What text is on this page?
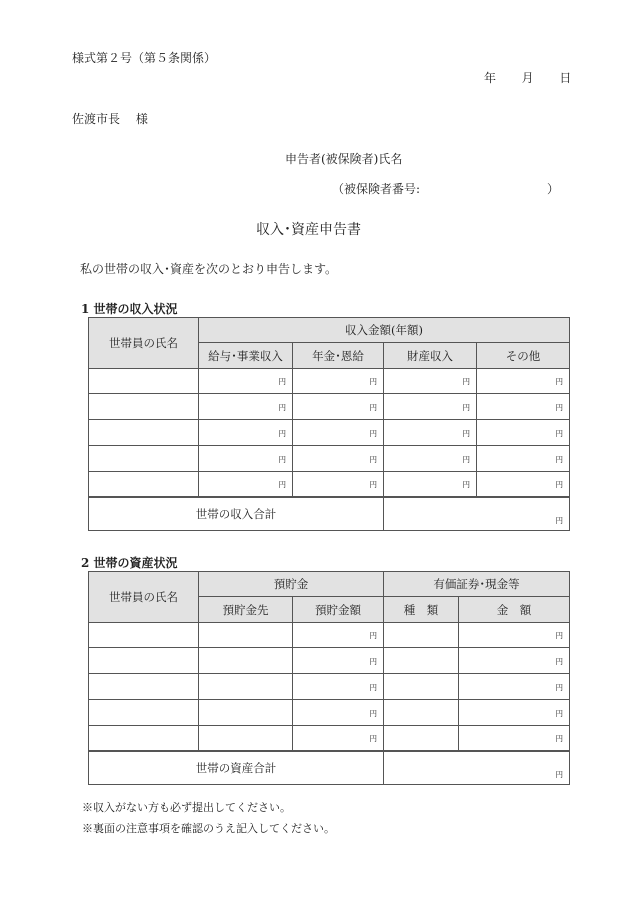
様式第２号（第５条関係）
年 月 日
佐渡市長　 様
申告者(被保険者)氏名
（被保険者番号:	）
収入･資産申告書
私の世帯の収入･資産を次のとおり申告します。
1 世帯の収入状況
世帯員の氏名	収入金額(年額)			
	給与･事業収入	年金･恩給	財産収入	その他
	円	円	円	円
	円	円	円	円
	円	円	円	円
	円	円	円	円
	円	円	円	円
世帯の収入合計			円	
2 世帯の資産状況
世帯員の氏名	預貯金		有価証券･現金等	
	預貯金先	預貯金額	種　類	金　額
		円		円
		円		円
		円		円
		円		円
		円		円
世帯の資産合計			円	
※収入がない方も必ず提出してください。
※裏面の注意事項を確認のうえ記入してください。
